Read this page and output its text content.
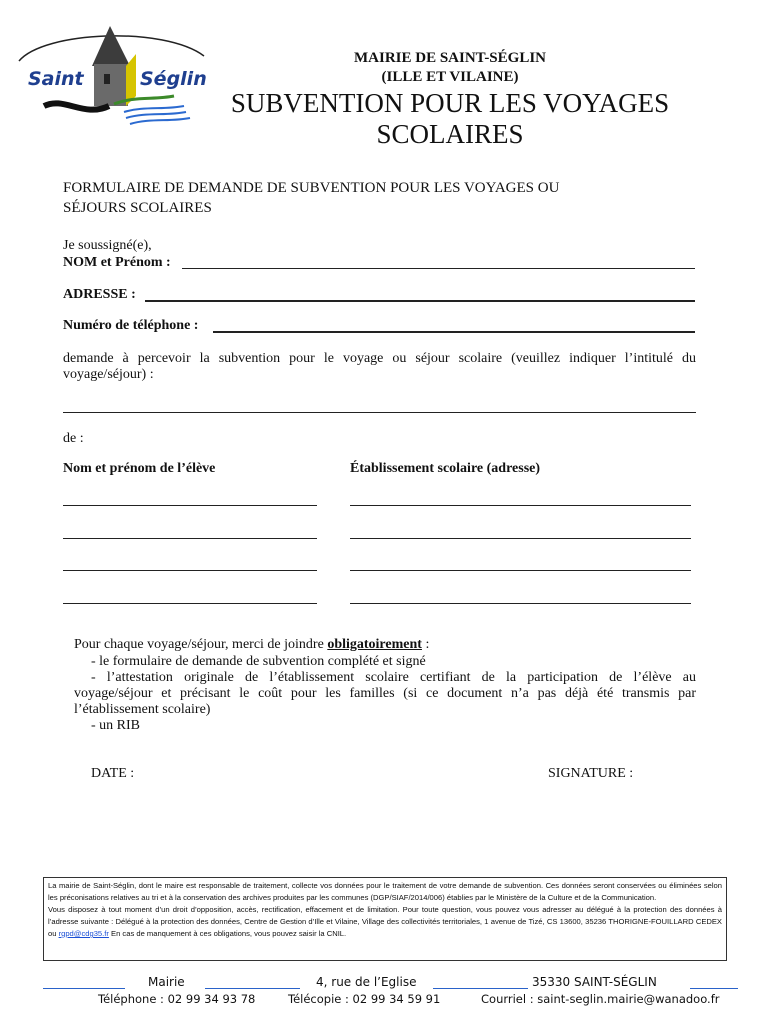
Saint	Séglin
MAIRIE DE SAINT-SÉGLIN
(ILLE ET VILAINE)
SUBVENTION POUR LES VOYAGES
SCOLAIRES
FORMULAIRE DE DEMANDE DE SUBVENTION POUR LES VOYAGES OU
SÉJOURS SCOLAIRES
Je soussigné(e),
NOM et Prénom :
ADRESSE :
Numéro de téléphone :
demande à percevoir la subvention pour le voyage ou séjour scolaire (veuillez indiquer l’intitulé du
voyage/séjour) :
de :
Nom et prénom de l’élève	Établissement scolaire (adresse)
Pour chaque voyage/séjour, merci de joindre obligatoirement :
- le formulaire de demande de subvention complété et signé
- l’attestation originale de l’établissement scolaire certifiant de la participation de l’élève au
voyage/séjour et précisant le coût pour les familles (si ce document n’a pas déjà été transmis par
l’établissement scolaire)
- un RIB
DATE :	SIGNATURE :
La mairie de Saint-Séglin, dont le maire est responsable de traitement, collecte vos données pour le traitement de votre demande de subvention. Ces données seront conservées ou éliminées selon les préconisations relatives au tri et à la conservation des archives produites par les communes (DGP/SIAF/2014/006) établies par le Ministère de la Culture et de la Communication.
Vous disposez à tout moment d’un droit d’opposition, accès, rectification, effacement et de limitation. Pour toute question, vous pouvez vous adresser au délégué à la protection des données à l’adresse suivante : Délégué à la protection des données, Centre de Gestion d’Ille et Vilaine, Village des collectivités territoriales, 1 avenue de Tizé, CS 13600, 35236 THORIGNE-FOUILLARD CEDEX ou rgpd@cdg35.fr En cas de manquement à ces obligations, vous pouvez saisir la CNIL.
Mairie	4, rue de l’Eglise	35330 SAINT-SÉGLIN
Téléphone : 02 99 34 93 78	Télécopie : 02 99 34 59 91	Courriel : saint-seglin.mairie@wanadoo.fr
